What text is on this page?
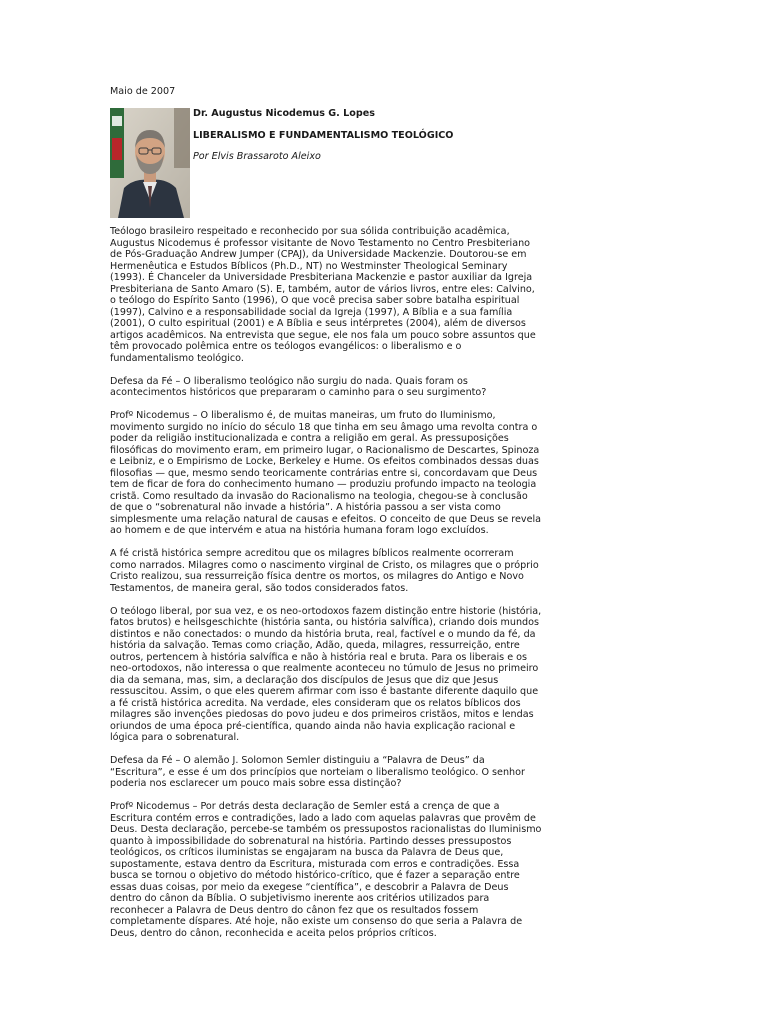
Maio de 2007

Dr. Augustus Nicodemus G. Lopes

LIBERALISMO E FUNDAMENTALISMO TEOLÓGICO

Por Elvis Brassaroto Aleixo

Teólogo brasileiro respeitado e reconhecido por sua sólida contribuição acadêmica, Augustus Nicodemus é professor visitante de Novo Testamento no Centro Presbiteriano de Pós-Graduação Andrew Jumper (CPAJ), da Universidade Mackenzie. Doutorou-se em Hermenêutica e Estudos Bíblicos (Ph.D., NT) no Westminster Theological Seminary (1993). É Chanceler da Universidade Presbiteriana Mackenzie e pastor auxiliar da Igreja Presbiteriana de Santo Amaro (S). E, também, autor de vários livros, entre eles: Calvino, o teólogo do Espírito Santo (1996), O que você precisa saber sobre batalha espiritual (1997), Calvino e a responsabilidade social da Igreja (1997), A Bíblia e a sua família (2001), O culto espiritual (2001) e A Bíblia e seus intérpretes (2004), além de diversos artigos acadêmicos. Na entrevista que segue, ele nos fala um pouco sobre assuntos que têm provocado polêmica entre os teólogos evangélicos: o liberalismo e o fundamentalismo teológico.

Defesa da Fé – O liberalismo teológico não surgiu do nada. Quais foram os acontecimentos históricos que prepararam o caminho para o seu surgimento?

Profº Nicodemus – O liberalismo é, de muitas maneiras, um fruto do Iluminismo, movimento surgido no início do século 18 que tinha em seu âmago uma revolta contra o poder da religião institucionalizada e contra a religião em geral. As pressuposições filosóficas do movimento eram, em primeiro lugar, o Racionalismo de Descartes, Spinoza e Leibniz, e o Empirismo de Locke, Berkeley e Hume. Os efeitos combinados dessas duas filosofias — que, mesmo sendo teoricamente contrárias entre si, concordavam que Deus tem de ficar de fora do conhecimento humano — produziu profundo impacto na teologia cristã. Como resultado da invasão do Racionalismo na teologia, chegou-se à conclusão de que o “sobrenatural não invade a história”. A história passou a ser vista como simplesmente uma relação natural de causas e efeitos. O conceito de que Deus se revela ao homem e de que intervém e atua na história humana foram logo excluídos.

A fé cristã histórica sempre acreditou que os milagres bíblicos realmente ocorreram como narrados. Milagres como o nascimento virginal de Cristo, os milagres que o próprio Cristo realizou, sua ressurreição física dentre os mortos, os milagres do Antigo e Novo Testamentos, de maneira geral, são todos considerados fatos.

O teólogo liberal, por sua vez, e os neo-ortodoxos fazem distinção entre historie (história, fatos brutos) e heilsgeschichte (história santa, ou história salvífica), criando dois mundos distintos e não conectados: o mundo da história bruta, real, factível e o mundo da fé, da história da salvação. Temas como criação, Adão, queda, milagres, ressurreição, entre outros, pertencem à história salvífica e não à história real e bruta. Para os liberais e os neo-ortodoxos, não interessa o que realmente aconteceu no túmulo de Jesus no primeiro dia da semana, mas, sim, a declaração dos discípulos de Jesus que diz que Jesus ressuscitou. Assim, o que eles querem afirmar com isso é bastante diferente daquilo que a fé cristã histórica acredita. Na verdade, eles consideram que os relatos bíblicos dos milagres são invenções piedosas do povo judeu e dos primeiros cristãos, mitos e lendas oriundos de uma época pré-científica, quando ainda não havia explicação racional e lógica para o sobrenatural.

Defesa da Fé – O alemão J. Solomon Semler distinguiu a “Palavra de Deus” da “Escritura”, e esse é um dos princípios que norteiam o liberalismo teológico. O senhor poderia nos esclarecer um pouco mais sobre essa distinção?

Profº Nicodemus – Por detrás desta declaração de Semler está a crença de que a Escritura contém erros e contradições, lado a lado com aquelas palavras que provêm de Deus. Desta declaração, percebe-se também os pressupostos racionalistas do Iluminismo quanto à impossibilidade do sobrenatural na história. Partindo desses pressupostos teológicos, os críticos iluministas se engajaram na busca da Palavra de Deus que, supostamente, estava dentro da Escritura, misturada com erros e contradições. Essa busca se tornou o objetivo do método histórico-crítico, que é fazer a separação entre essas duas coisas, por meio da exegese “científica”, e descobrir a Palavra de Deus dentro do cânon da Bíblia. O subjetivismo inerente aos critérios utilizados para reconhecer a Palavra de Deus dentro do cânon fez que os resultados fossem completamente díspares. Até hoje, não existe um consenso do que seria a Palavra de Deus, dentro do cânon, reconhecida e aceita pelos próprios críticos.
